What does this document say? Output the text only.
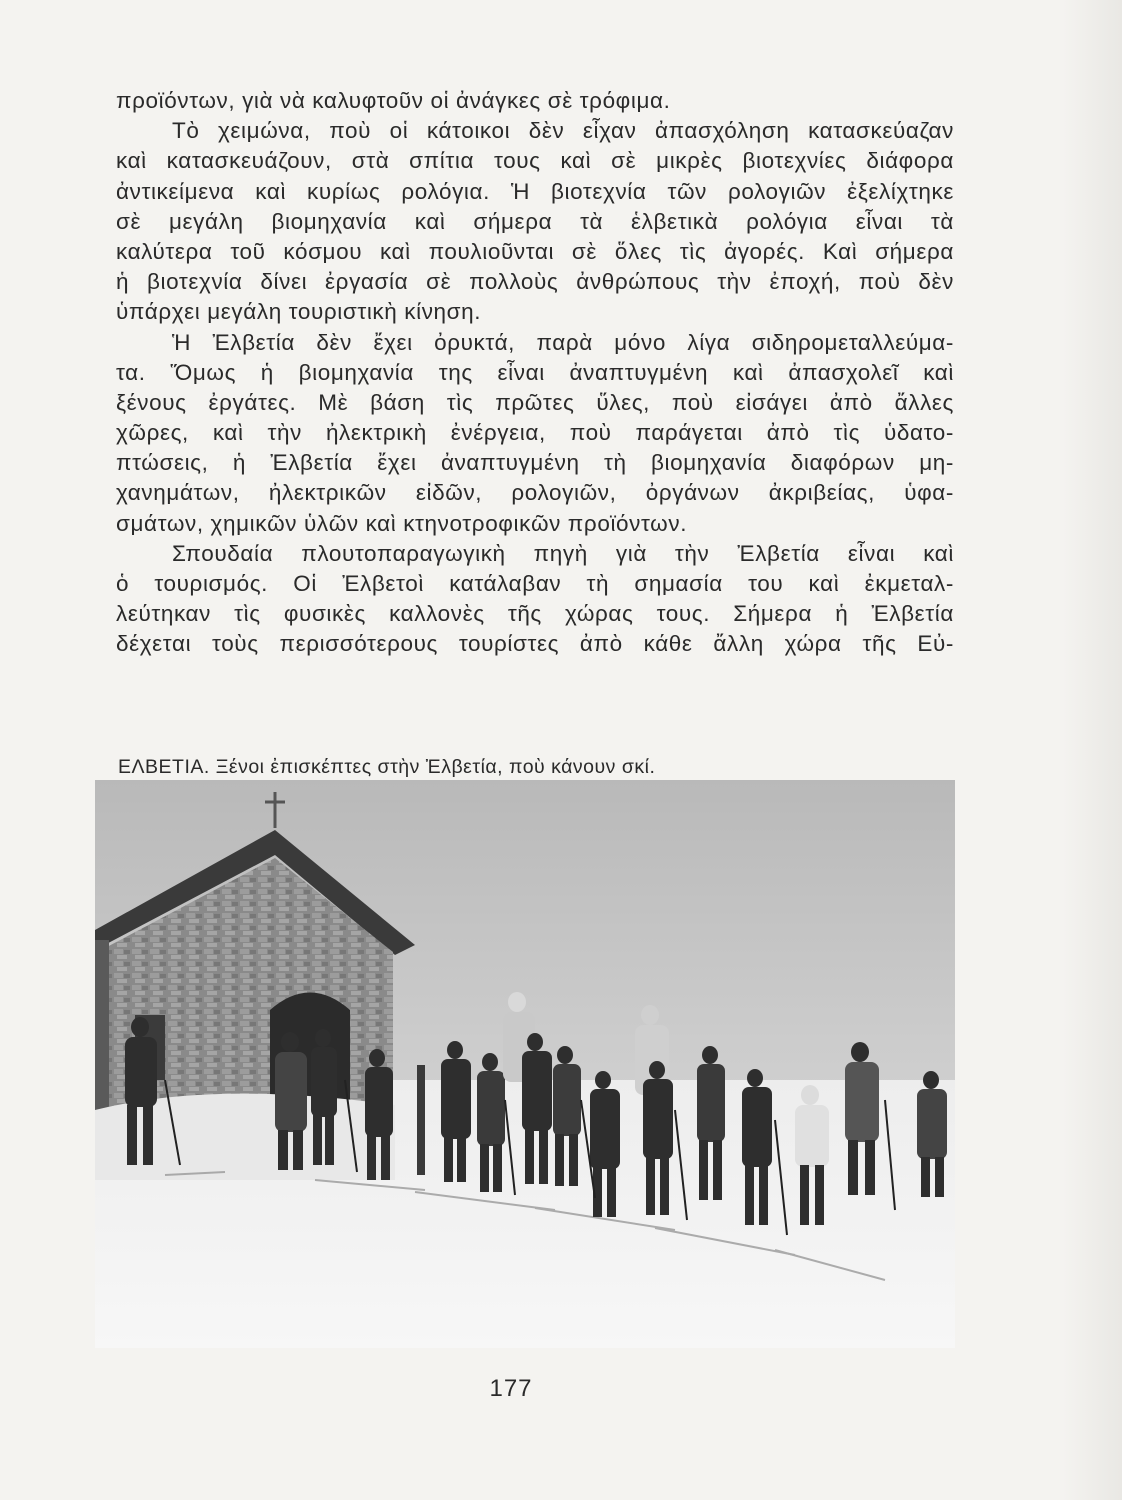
προϊόντων, γιὰ νὰ καλυφτοῦν οἱ ἀνάγκες σὲ τρόφιμα.
Τὸ χειμώνα, ποὺ οἱ κάτοικοι δὲν εἶχαν ἀπασχόληση κατασκεύαζαν
καὶ κατασκευάζουν, στὰ σπίτια τους καὶ σὲ μικρὲς βιοτεχνίες διάφορα
ἀντικείμενα καὶ κυρίως ρολόγια. Ἡ βιοτεχνία τῶν ρολογιῶν ἐξελίχτηκε
σὲ μεγάλη βιομηχανία καὶ σήμερα τὰ ἑλβετικὰ ρολόγια εἶναι τὰ
καλύτερα τοῦ κόσμου καὶ πουλιοῦνται σὲ ὅλες τὶς ἀγορές. Καὶ σήμερα
ἡ βιοτεχνία δίνει ἐργασία σὲ πολλοὺς ἀνθρώπους τὴν ἐποχή, ποὺ δὲν
ὑπάρχει μεγάλη τουριστικὴ κίνηση.
Ἡ Ἐλβετία δὲν ἔχει ὀρυκτά, παρὰ μόνο λίγα σιδηρομεταλλεύμα-
τα. Ὅμως ἡ βιομηχανία της εἶναι ἀναπτυγμένη καὶ ἀπασχολεῖ καὶ
ξένους ἐργάτες. Μὲ βάση τὶς πρῶτες ὕλες, ποὺ εἰσάγει ἀπὸ ἄλλες
χῶρες, καὶ τὴν ἠλεκτρικὴ ἐνέργεια, ποὺ παράγεται ἀπὸ τὶς ὑδατο-
πτώσεις, ἡ Ἐλβετία ἔχει ἀναπτυγμένη τὴ βιομηχανία διαφόρων μη-
χανημάτων, ἠλεκτρικῶν εἰδῶν, ρολογιῶν, ὀργάνων ἀκριβείας, ὑφα-
σμάτων, χημικῶν ὑλῶν καὶ κτηνοτροφικῶν προϊόντων.
Σπουδαία πλουτοπαραγωγικὴ πηγὴ γιὰ τὴν Ἐλβετία εἶναι καὶ
ὁ τουρισμός. Οἱ Ἐλβετοὶ κατάλαβαν τὴ σημασία του καὶ ἐκμεταλ-
λεύτηκαν τὶς φυσικὲς καλλονὲς τῆς χώρας τους. Σήμερα ἡ Ἐλβετία
δέχεται τοὺς περισσότερους τουρίστες ἀπὸ κάθε ἄλλη χώρα τῆς Εὐ-
ΕΛΒΕΤΙΑ. Ξένοι ἐπισκέπτες στὴν Ἐλβετία, ποὺ κάνουν σκί.
177
